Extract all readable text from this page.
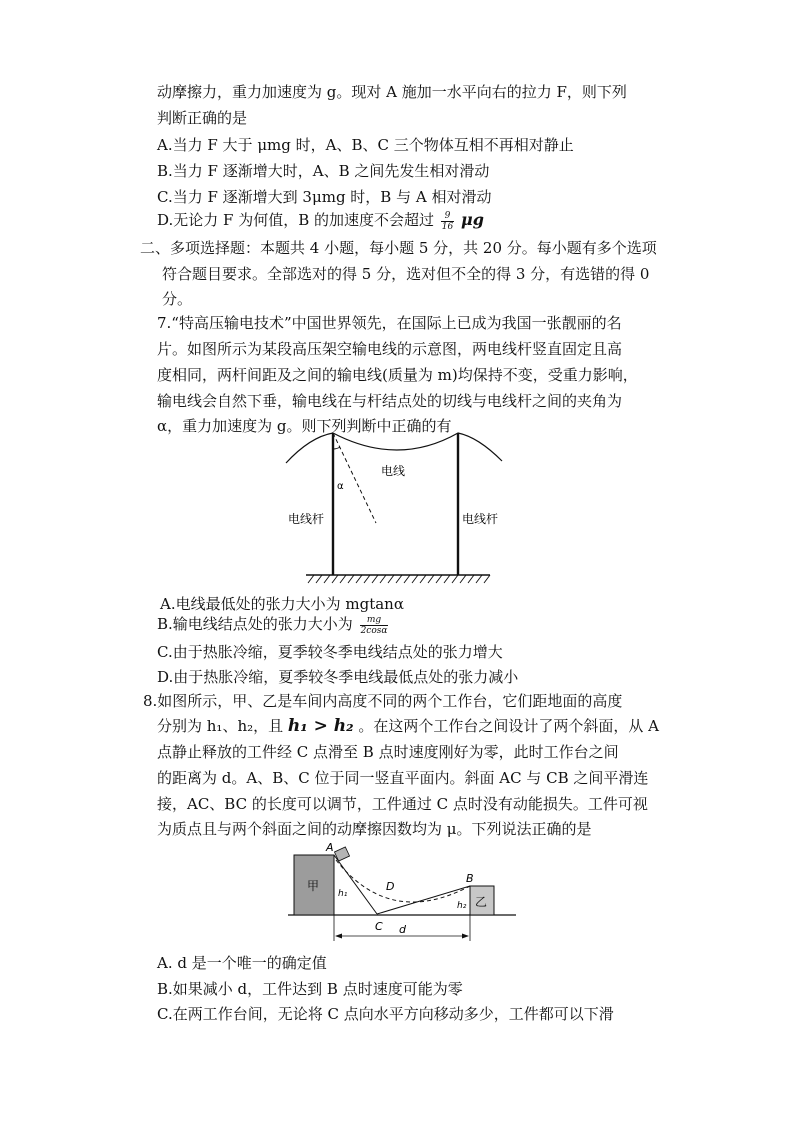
动摩擦力，重力加速度为 g。现对 A 施加一水平向右的拉力 F，则下列
判断正确的是
A.当力 F 大于 μmg 时，A、B、C 三个物体互相不再相对静止
B.当力 F 逐渐增大时，A、B 之间先发生相对滑动
C.当力 F 逐渐增大到 3μmg 时，B 与 A 相对滑动
D.无论力 F 为何值，B 的加速度不会超过 $\frac{9}{16}$ μg
二、多项选择题：本题共 4 小题，每小题 5 分，共 20 分。每小题有多个选项
符合题目要求。全部选对的得 5 分，选对但不全的得 3 分，有选错的得 0
分。
7.“特高压输电技术”中国世界领先，在国际上已成为我国一张靓丽的名
片。如图所示为某段高压架空输电线的示意图，两电线杆竖直固定且高
度相同，两杆间距及之间的输电线(质量为 m)均保持不变，受重力影响，
输电线会自然下垂，输电线在与杆结点处的切线与电线杆之间的夹角为
α，重力加速度为 g。则下列判断中正确的有
α
电线
电线杆	电线杆
A.电线最低处的张力大小为 mgtanα
B.输电线结点处的张力大小为 $\frac{mg}{2\cos\alpha}$
C.由于热胀冷缩，夏季较冬季电线结点处的张力增大
D.由于热胀冷缩，夏季较冬季电线最低点处的张力减小
8.如图所示，甲、乙是车间内高度不同的两个工作台，它们距地面的高度
分别为 h₁、h₂，且 h₁ > h₂ 。在这两个工作台之间设计了两个斜面，从 A
点静止释放的工件经 C 点滑至 B 点时速度刚好为零，此时工作台之间
的距离为 d。A、B、C 位于同一竖直平面内。斜面 AC 与 CB 之间平滑连
接，AC、BC 的长度可以调节，工件通过 C 点时没有动能损失。工件可视
为质点且与两个斜面之间的动摩擦因数均为 μ。下列说法正确的是
甲
乙
A
B
C
D
h₁
h₂
d
A. d 是一个唯一的确定值
B.如果减小 d，工件达到 B 点时速度可能为零
C.在两工作台间，无论将 C 点向水平方向移动多少，工件都可以下滑
